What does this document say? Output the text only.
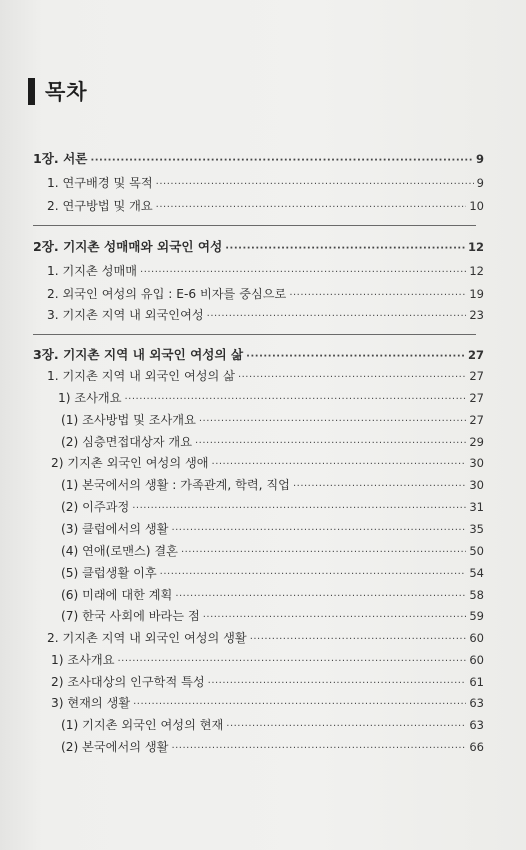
목차
1장. 서론 ·····	9
1. 연구배경 및 목적 ·····	9
2. 연구방법 및 개요 ·····	10
2장. 기지촌 성매매와 외국인 여성 ·····	12
1. 기지촌 성매매 ·····	12
2. 외국인 여성의 유입 : E-6 비자를 중심으로 ·····	19
3. 기지촌 지역 내 외국인여성 ·····	23
3장. 기지촌 지역 내 외국인 여성의 삶 ·····	27
1. 기지촌 지역 내 외국인 여성의 삶 ·····	27
1) 조사개요 ·····	27
(1) 조사방법 및 조사개요 ·····	27
(2) 심층면접대상자 개요 ·····	29
2) 기지촌 외국인 여성의 생애 ·····	30
(1) 본국에서의 생활 : 가족관계, 학력, 직업 ·····	30
(2) 이주과정 ·····	31
(3) 클럽에서의 생활 ·····	35
(4) 연애(로맨스) 결혼 ·····	50
(5) 클럽생활 이후 ·····	54
(6) 미래에 대한 계획 ·····	58
(7) 한국 사회에 바라는 점 ·····	59
2. 기지촌 지역 내 외국인 여성의 생활 ·····	60
1) 조사개요 ·····	60
2) 조사대상의 인구학적 특성 ·····	61
3) 현재의 생활 ·····	63
(1) 기지촌 외국인 여성의 현재 ·····	63
(2) 본국에서의 생활 ·····	66
